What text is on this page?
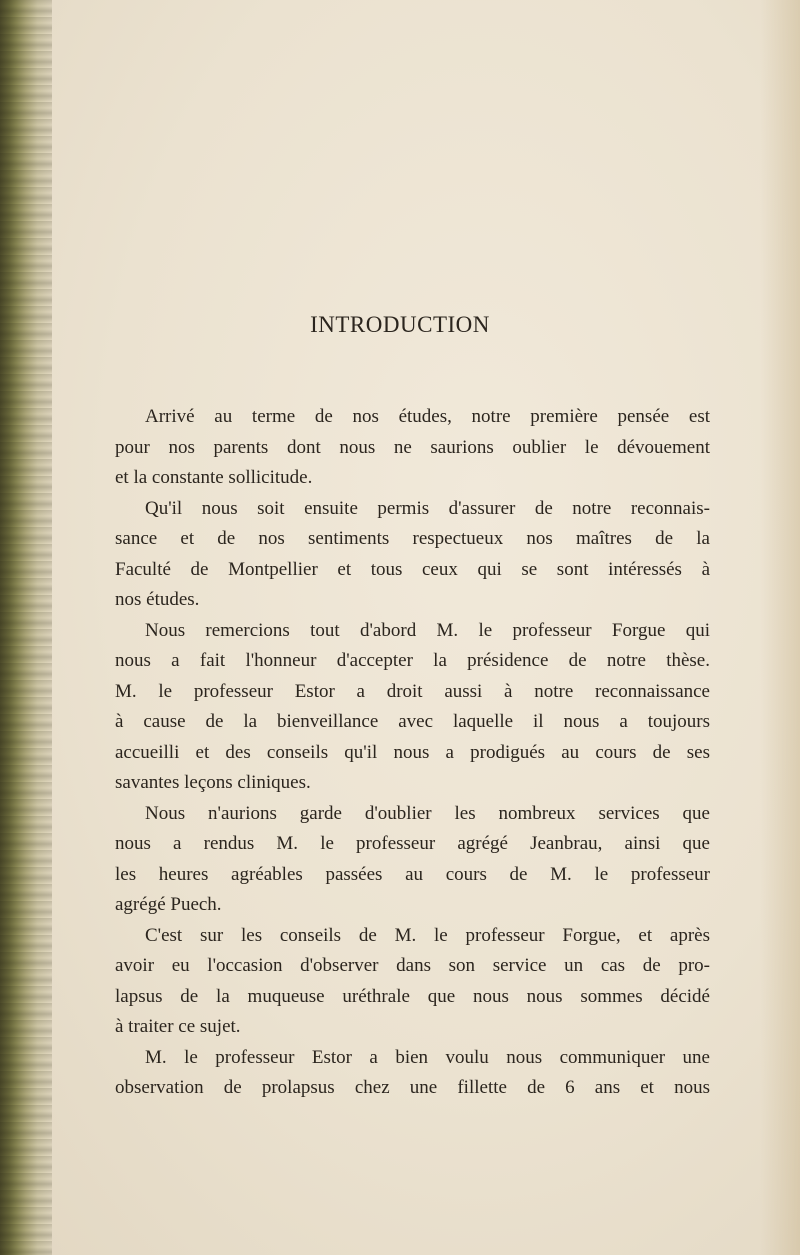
INTRODUCTION
Arrivé au terme de nos études, notre première pensée est
pour nos parents dont nous ne saurions oublier le dévouement
et la constante sollicitude.
Qu'il nous soit ensuite permis d'assurer de notre reconnais-
sance et de nos sentiments respectueux nos maîtres de la
Faculté de Montpellier et tous ceux qui se sont intéressés à
nos études.
Nous remercions tout d'abord M. le professeur Forgue qui
nous a fait l'honneur d'accepter la présidence de notre thèse.
M. le professeur Estor a droit aussi à notre reconnaissance
à cause de la bienveillance avec laquelle il nous a toujours
accueilli et des conseils qu'il nous a prodigués au cours de ses
savantes leçons cliniques.
Nous n'aurions garde d'oublier les nombreux services que
nous a rendus M. le professeur agrégé Jeanbrau, ainsi que
les heures agréables passées au cours de M. le professeur
agrégé Puech.
C'est sur les conseils de M. le professeur Forgue, et après
avoir eu l'occasion d'observer dans son service un cas de pro-
lapsus de la muqueuse uréthrale que nous nous sommes décidé
à traiter ce sujet.
M. le professeur Estor a bien voulu nous communiquer une
observation de prolapsus chez une fillette de 6 ans et nous
